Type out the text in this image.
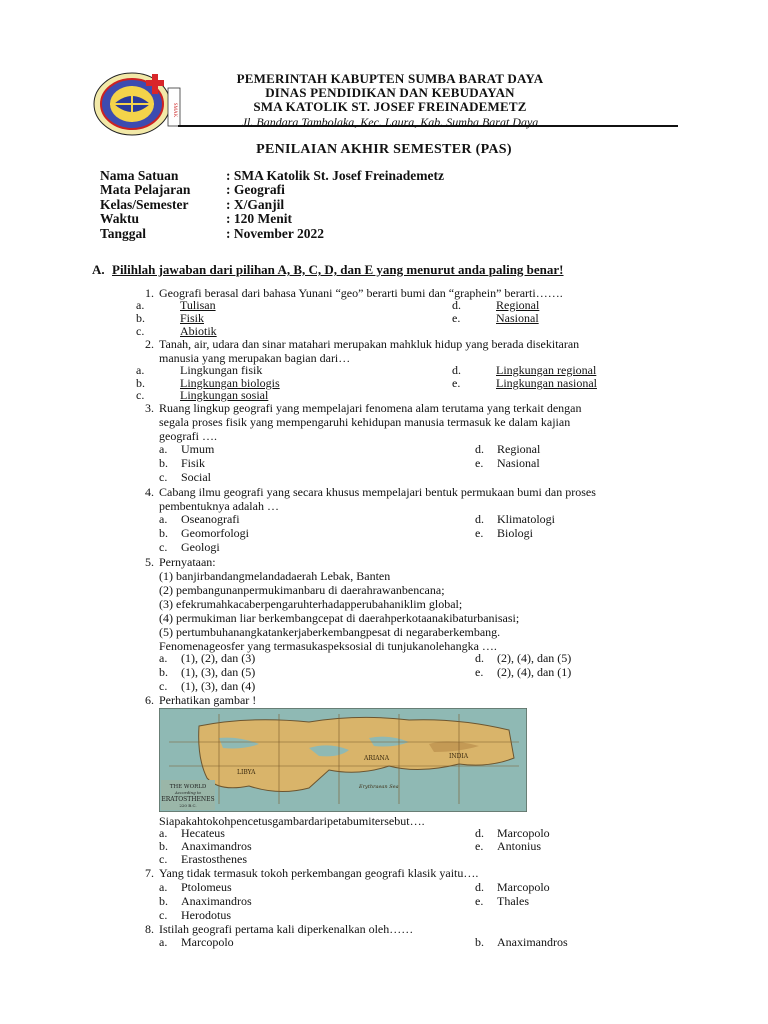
SMAK
PEMERINTAH KABUPTEN SUMBA BARAT DAYA
DINAS PENDIDIKAN DAN KEBUDAYAN
SMA KATOLIK ST. JOSEF FREINADEMETZ
Jl. Bandara Tambolaka, Kec. Laura, Kab. Sumba Barat Daya
PENILAIAN AKHIR SEMESTER (PAS)
Nama Satuan	: SMA Katolik St. Josef Freinademetz
Mata Pelajaran	: Geografi
Kelas/Semester	: X/Ganjil
Waktu	: 120 Menit
Tanggal	: November 2022
A. Pilihlah jawaban dari pilihan A, B, C, D, dan E yang menurut anda paling benar!
1. Geografi berasal dari bahasa Yunani “geo” berarti bumi dan “graphein” berarti…….
a.	Tulisan
b.	Fisik
c.	Abiotik
d.	Regional
e.	Nasional
2. Tanah, air, udara dan sinar matahari merupakan mahkluk hidup yang berada disekitaran
manusia yang merupakan bagian dari…
a.	Lingkungan fisik
b.	Lingkungan biologis
c.	Lingkungan sosial
d.	Lingkungan regional
e.	Lingkungan nasional
3. Ruang lingkup geografi yang mempelajari fenomena alam terutama yang terkait dengan
segala proses fisik yang mempengaruhi kehidupan manusia termasuk ke dalam kajian
geografi ….
a.	Umum
b.	Fisik
c.	Social
d.	Regional
e.	Nasional
4. Cabang ilmu geografi yang secara khusus mempelajari bentuk permukaan bumi dan proses
pembentuknya adalah …
a.	Oseanografi
b.	Geomorfologi
c.	Geologi
d.	Klimatologi
e.	Biologi
5. Pernyataan:
(1) banjirbandangmelandadaerah Lebak, Banten
(2) pembangunanpermukimanbaru di daerahrawanbencana;
(3) efekrumahkacaberpengaruhterhadapperubahaniklim global;
(4) permukiman liar berkembangcepat di daerahperkotaanakibaturbanisasi;
(5) pertumbuhanangkatankerjaberkembangpesat di negaraberkembang.
Fenomenageosfer yang termasukaspeksosial di tunjukanolehangka ….
a.	(1), (2), dan (3)
b.	(1), (3), dan (5)
c.	(1), (3), dan (4)
d.	(2), (4), dan (5)
e.	(2), (4), dan (1)
6. Perhatikan gambar !
LIBYA
ARIANA	INDIA
Erythraean Sea
THE WORLD
According to
ERATOSTHENES
220 B.C.
Siapakahtokohpencetusgambardaripetabumitersebut….
a.	Hecateus
b.	Anaximandros
c.	Erastosthenes
d.	Marcopolo
e.	Antonius
7. Yang tidak termasuk tokoh perkembangan geografi klasik yaitu….
a.	Ptolomeus
b.	Anaximandros
c.	Herodotus
d.	Marcopolo
e.	Thales
8. Istilah geografi pertama kali diperkenalkan oleh……
a.	Marcopolo	b.	Anaximandros
